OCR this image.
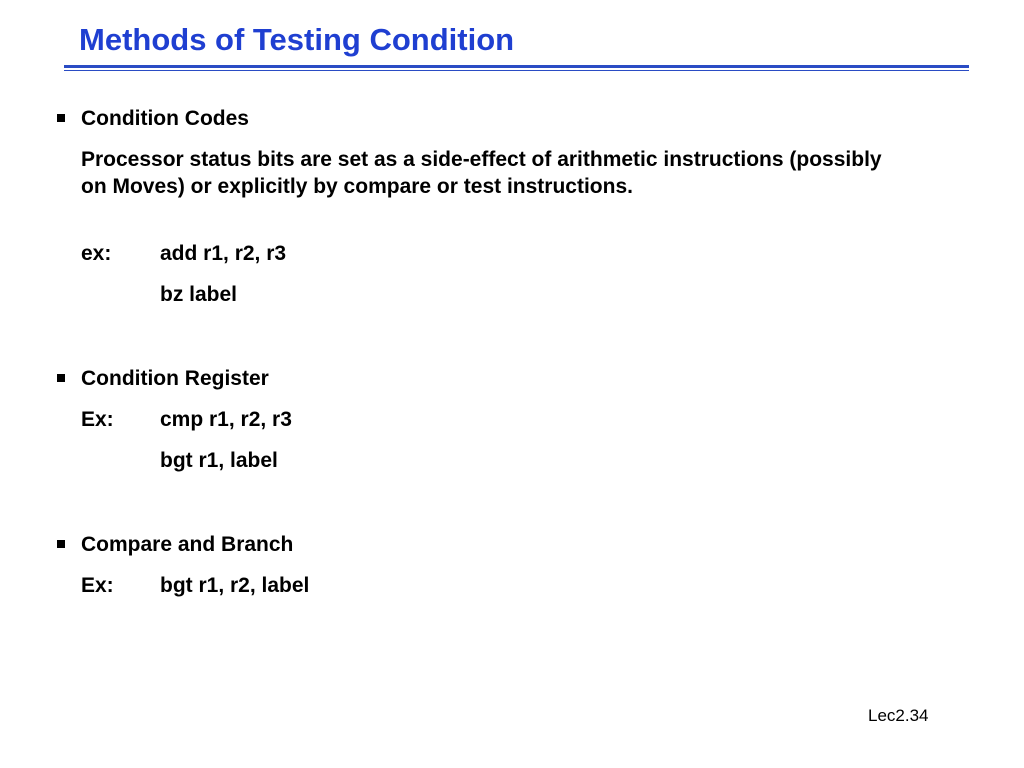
Methods of Testing Condition
Condition Codes
Processor status bits are set as a side-effect of arithmetic instructions (possibly on Moves) or explicitly by compare or test instructions.
ex: add r1, r2, r3
bz label
Condition Register
Ex: cmp r1, r2, r3
bgt r1, label
Compare and Branch
Ex: bgt r1, r2, label
Lec2.34
